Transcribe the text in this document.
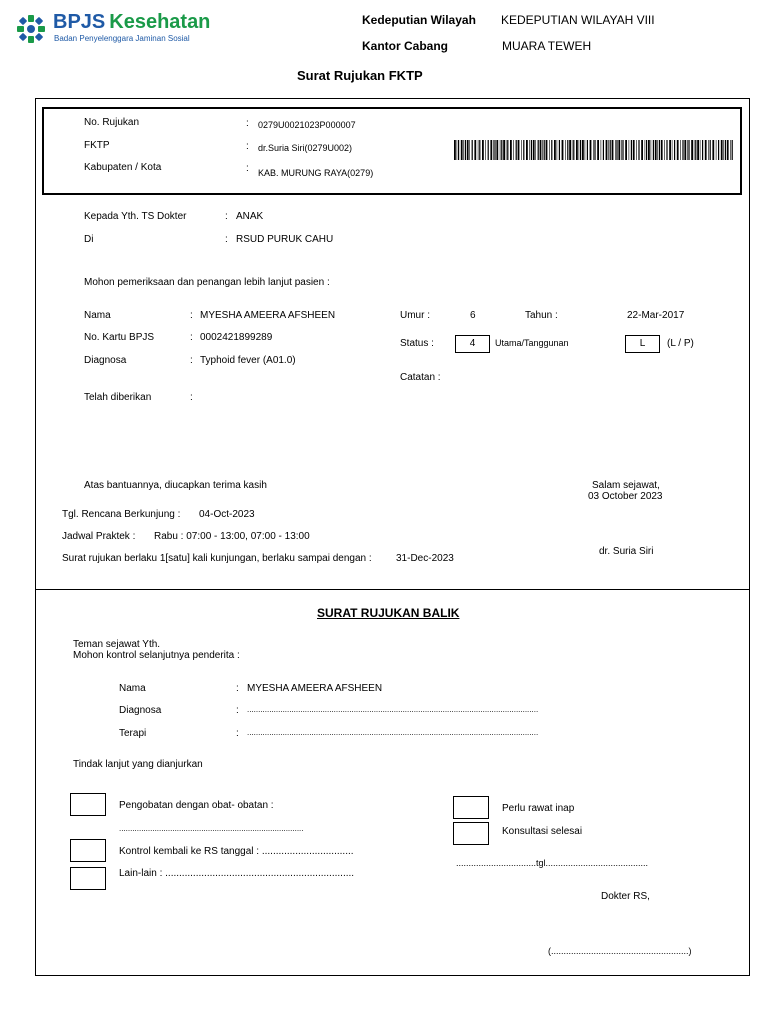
BPJS Kesehatan
Badan Penyelenggara Jaminan Sosial
Kedeputian Wilayah KEDEPUTIAN WILAYAH VIII
Kantor Cabang	MUARA TEWEH
Surat Rujukan FKTP
No. Rujukan	: 0279U0021023P000007
FKTP	: dr.Suria Siri(0279U002)
Kabupaten / Kota	: KAB. MURUNG RAYA(0279)
Kepada Yth. TS Dokter	: ANAK
Di	: RSUD PURUK CAHU
Mohon pemeriksaan dan penangan lebih lanjut pasien :
Nama	: MYESHA AMEERA AFSHEEN
No. Kartu BPJS	: 0002421899289
Diagnosa	: Typhoid fever (A01.0)
Telah diberikan	:
Umur :	6	Tahun :	22-Mar-2017
Status :	4	Utama/Tanggunan	L	(L / P)
Catatan :
Atas bantuannya, diucapkan terima kasih	Salam sejawat,
03 October 2023
Tgl. Rencana Berkunjung : 04-Oct-2023
Jadwal Praktek : Rabu : 07:00 - 13:00, 07:00 - 13:00
dr. Suria Siri
Surat rujukan berlaku 1[satu] kali kunjungan, berlaku sampai dengan : 31-Dec-2023
SURAT RUJUKAN BALIK
Teman sejawat Yth.
Mohon kontrol selanjutnya penderita :
Nama	: MYESHA AMEERA AFSHEEN
Diagnosa	: ...................................................................................................................................
Terapi	: ...................................................................................................................................
Tindak lanjut yang dianjurkan
Pengobatan dengan obat- obatan :
...................................................................................
Kontrol kembali ke RS tanggal : .................................
Lain-lain : ....................................................................
Perlu rawat inap
Konsultasi selesai
................................tgl.........................................
Dokter RS,
(.......................................................)
